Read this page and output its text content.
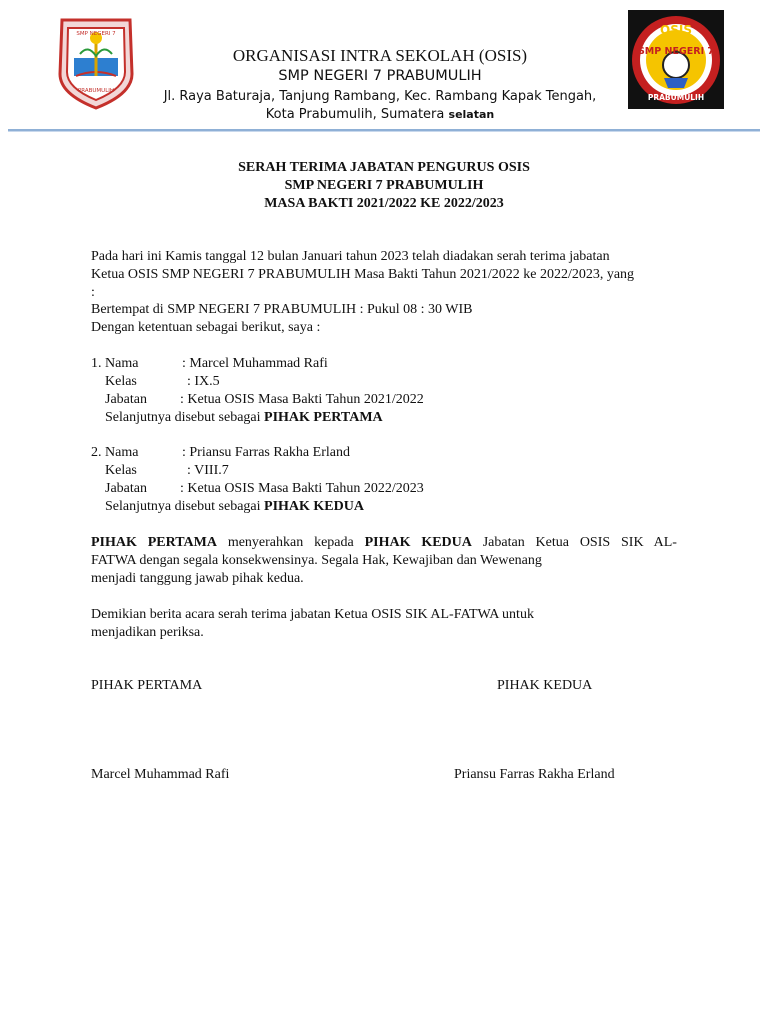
SMP NEGERI 7
PRABUMULIH
OSIS
SMP NEGERI 7
PRABUMULIH
ORGANISASI INTRA SEKOLAH (OSIS)
SMP NEGERI 7 PRABUMULIH
Jl. Raya Baturaja, Tanjung Rambang, Kec. Rambang Kapak Tengah, Kota Prabumulih, Sumatera selatan
SERAH TERIMA JABATAN PENGURUS OSIS
SMP NEGERI 7 PRABUMULIH
MASA BAKTI 2021/2022 KE 2022/2023
Pada hari ini Kamis tanggal 12 bulan Januari tahun 2023 telah diadakan serah terima jabatan
Ketua OSIS SMP NEGERI 7 PRABUMULIH Masa Bakti Tahun 2021/2022 ke 2022/2023, yang
:
Bertempat di SMP NEGERI 7 PRABUMULIH : Pukul 08 : 30 WIB
Dengan ketentuan sebagai berikut, saya :
1. Nama	: Marcel Muhammad Rafi
Kelas	: IX.5
Jabatan : Ketua OSIS Masa Bakti Tahun 2021/2022
Selanjutnya disebut sebagai PIHAK PERTAMA
2. Nama	: Priansu Farras Rakha Erland
Kelas	: VIII.7
Jabatan : Ketua OSIS Masa Bakti Tahun 2022/2023
Selanjutnya disebut sebagai PIHAK KEDUA
PIHAK PERTAMA menyerahkan kepada PIHAK KEDUA Jabatan Ketua OSIS SIK AL-
FATWA dengan segala konsekwensinya. Segala Hak, Kewajiban dan Wewenang
menjadi tanggung jawab pihak kedua.
Demikian berita acara serah terima jabatan Ketua OSIS SIK AL-FATWA untuk
menjadikan periksa.
PIHAK PERTAMA	PIHAK KEDUA
Marcel Muhammad Rafi	Priansu Farras Rakha Erland
